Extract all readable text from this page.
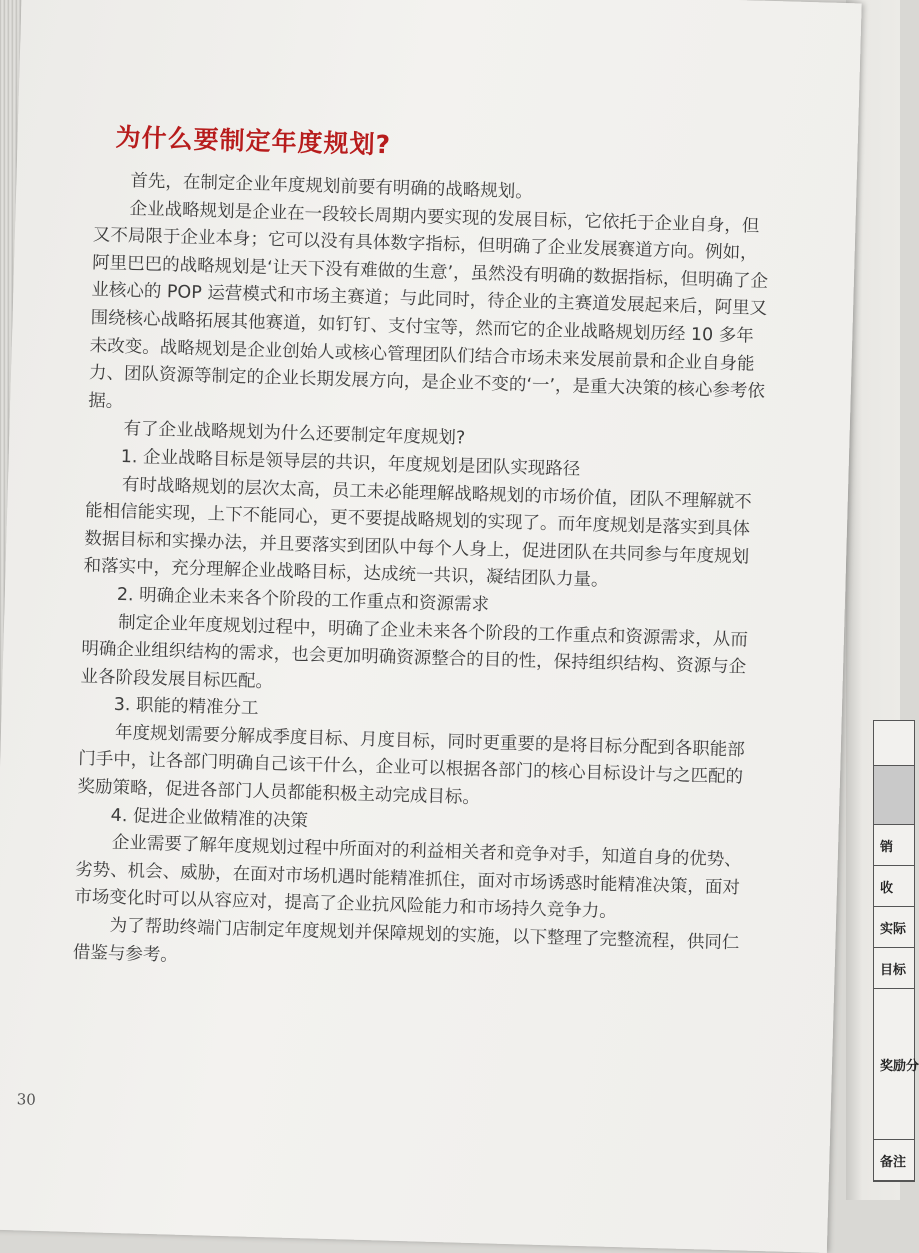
销
收
实际
目标
奖励分
备注
为什么要制定年度规划?

首先，在制定企业年度规划前要有明确的战略规划。

企业战略规划是企业在一段较长周期内要实现的发展目标，它依托于企业自身，但又不局限于企业本身；它可以没有具体数字指标，但明确了企业发展赛道方向。例如，阿里巴巴的战略规划是‘让天下没有难做的生意’，虽然没有明确的数据指标，但明确了企业核心的 POP 运营模式和市场主赛道；与此同时，待企业的主赛道发展起来后，阿里又围绕核心战略拓展其他赛道，如钉钉、支付宝等，然而它的企业战略规划历经 10 多年未改变。战略规划是企业创始人或核心管理团队们结合市场未来发展前景和企业自身能力、团队资源等制定的企业长期发展方向，是企业不变的‘一’，是重大决策的核心参考依据。

有了企业战略规划为什么还要制定年度规划?

1. 企业战略目标是领导层的共识，年度规划是团队实现路径

有时战略规划的层次太高，员工未必能理解战略规划的市场价值，团队不理解就不能相信能实现，上下不能同心，更不要提战略规划的实现了。而年度规划是落实到具体数据目标和实操办法，并且要落实到团队中每个人身上，促进团队在共同参与年度规划和落实中，充分理解企业战略目标，达成统一共识，凝结团队力量。

2. 明确企业未来各个阶段的工作重点和资源需求

制定企业年度规划过程中，明确了企业未来各个阶段的工作重点和资源需求，从而明确企业组织结构的需求，也会更加明确资源整合的目的性，保持组织结构、资源与企业各阶段发展目标匹配。

3. 职能的精准分工

年度规划需要分解成季度目标、月度目标，同时更重要的是将目标分配到各职能部门手中，让各部门明确自己该干什么，企业可以根据各部门的核心目标设计与之匹配的奖励策略，促进各部门人员都能积极主动完成目标。

4. 促进企业做精准的决策

企业需要了解年度规划过程中所面对的利益相关者和竞争对手，知道自身的优势、劣势、机会、威胁，在面对市场机遇时能精准抓住，面对市场诱惑时能精准决策，面对市场变化时可以从容应对，提高了企业抗风险能力和市场持久竞争力。

为了帮助终端门店制定年度规划并保障规划的实施，以下整理了完整流程，供同仁借鉴与参考。

30
